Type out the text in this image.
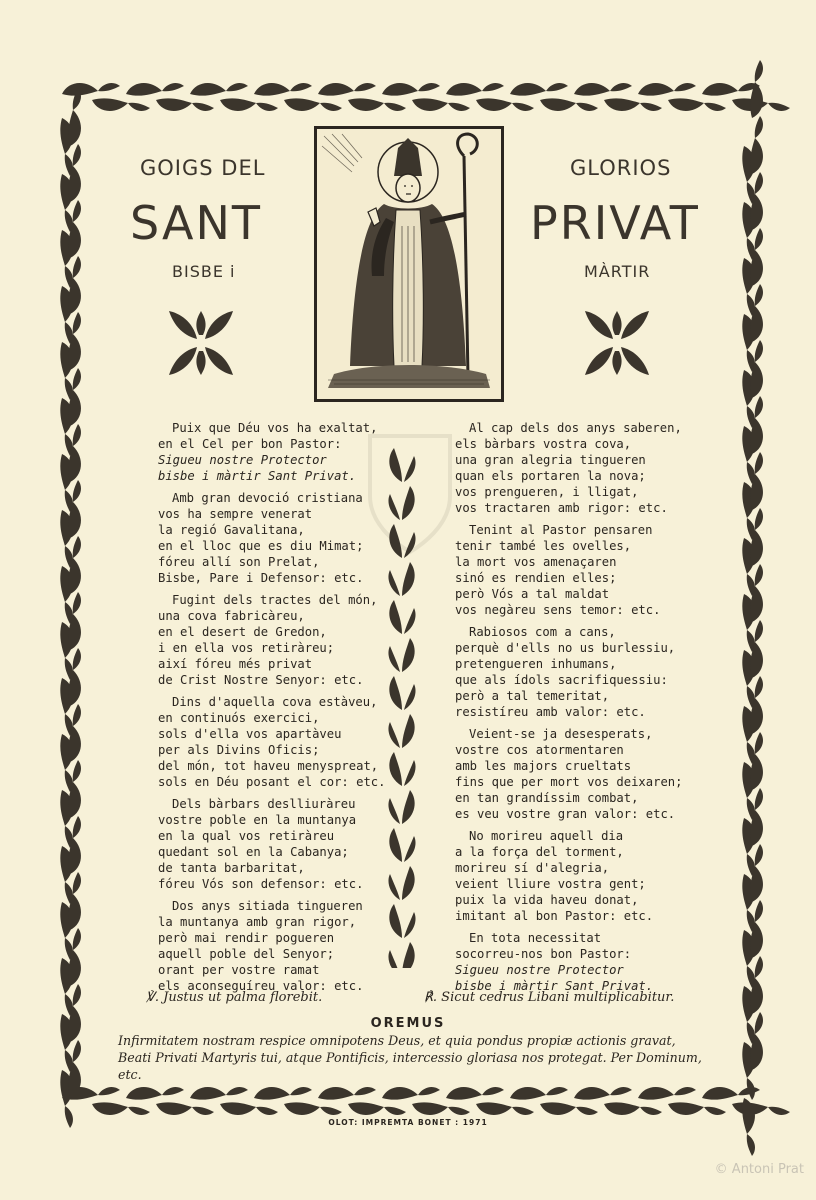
GOIGS DEL
SANT
BISBE i
GLORIOS
PRIVAT
MÀRTIR
Puix que Déu vos ha exaltat,
en el Cel per bon Pastor:
Sigueu nostre Protector
bisbe i màrtir Sant Privat.
Amb gran devoció cristiana
vos ha sempre venerat
la regió Gavalitana,
en el lloc que es diu Mimat;
fóreu allí son Prelat,
Bisbe, Pare i Defensor: etc.
Fugint dels tractes del món,
una cova fabricàreu,
en el desert de Gredon,
i en ella vos retiràreu;
així fóreu més privat
de Crist Nostre Senyor: etc.
Dins d'aquella cova estàveu,
en continuós exercici,
sols d'ella vos apartàveu
per als Divins Oficis;
del món, tot haveu menyspreat,
sols en Déu posant el cor: etc.
Dels bàrbars deslliuràreu
vostre poble en la muntanya
en la qual vos retiràreu
quedant sol en la Cabanya;
de tanta barbaritat,
fóreu Vós son defensor: etc.
Dos anys sitiada tingueren
la muntanya amb gran rigor,
però mai rendir pogueren
aquell poble del Senyor;
orant per vostre ramat
els aconseguíreu valor: etc.
Al cap dels dos anys saberen,
els bàrbars vostra cova,
una gran alegria tingueren
quan els portaren la nova;
vos prengueren, i lligat,
vos tractaren amb rigor: etc.
Tenint al Pastor pensaren
tenir també les ovelles,
la mort vos amenaçaren
sinó es rendien elles;
però Vós a tal maldat
vos negàreu sens temor: etc.
Rabiosos com a cans,
perquè d'ells no us burlessiu,
pretengueren inhumans,
que als ídols sacrifiquessiu:
però a tal temeritat,
resistíreu amb valor: etc.
Veient-se ja desesperats,
vostre cos atormentaren
amb les majors crueltats
fins que per mort vos deixaren;
en tan grandíssim combat,
es veu vostre gran valor: etc.
No morireu aquell dia
a la força del torment,
morireu sí d'alegria,
veient lliure vostra gent;
puix la vida haveu donat,
imitant al bon Pastor: etc.
En tota necessitat
socorreu-nos bon Pastor:
Sigueu nostre Protector
bisbe i màrtir Sant Privat.
℣. Justus ut palma florebit.	℟. Sicut cedrus Libani multiplicabitur.
OREMUS
Infirmitatem nostram respice omnipotens Deus, et quia pondus propiæ actionis gravat, Beati Privati Martyris tui, atque Pontificis, intercessio gloriasa nos protegat. Per Dominum, etc.
OLOT: IMPREMTA BONET : 1971
© Antoni Prat
